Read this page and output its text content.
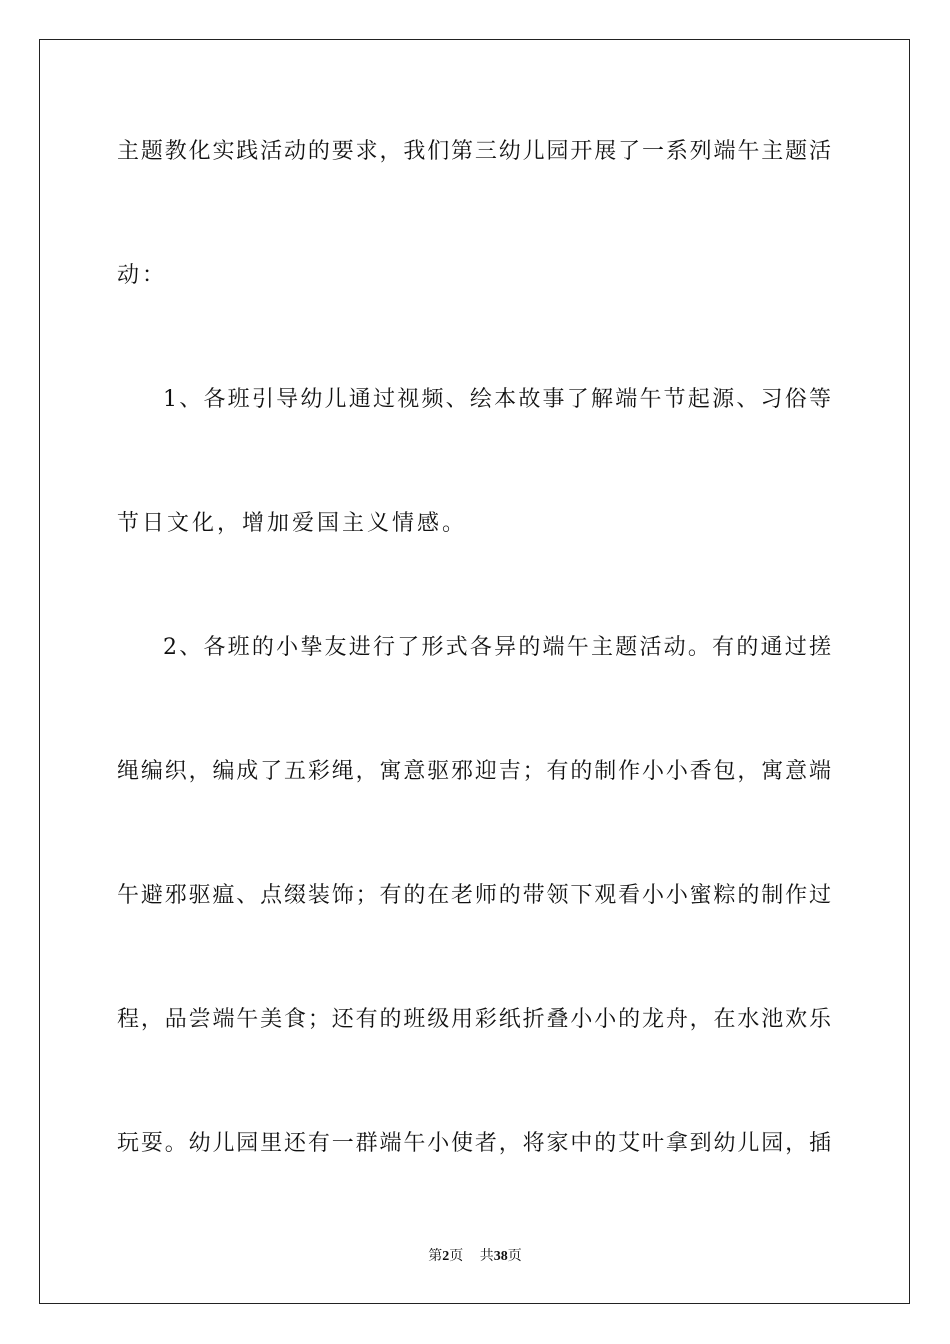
主题教化实践活动的要求，我们第三幼儿园开展了一系列端午主题活
动：
1、各班引导幼儿通过视频、绘本故事了解端午节起源、习俗等
节日文化，增加爱国主义情感。
2、各班的小挚友进行了形式各异的端午主题活动。有的通过搓
绳编织，编成了五彩绳，寓意驱邪迎吉；有的制作小小香包，寓意端
午避邪驱瘟、点缀装饰；有的在老师的带领下观看小小蜜粽的制作过
程，品尝端午美食；还有的班级用彩纸折叠小小的龙舟，在水池欢乐
玩耍。幼儿园里还有一群端午小使者，将家中的艾叶拿到幼儿园，插
第2页 共38页
